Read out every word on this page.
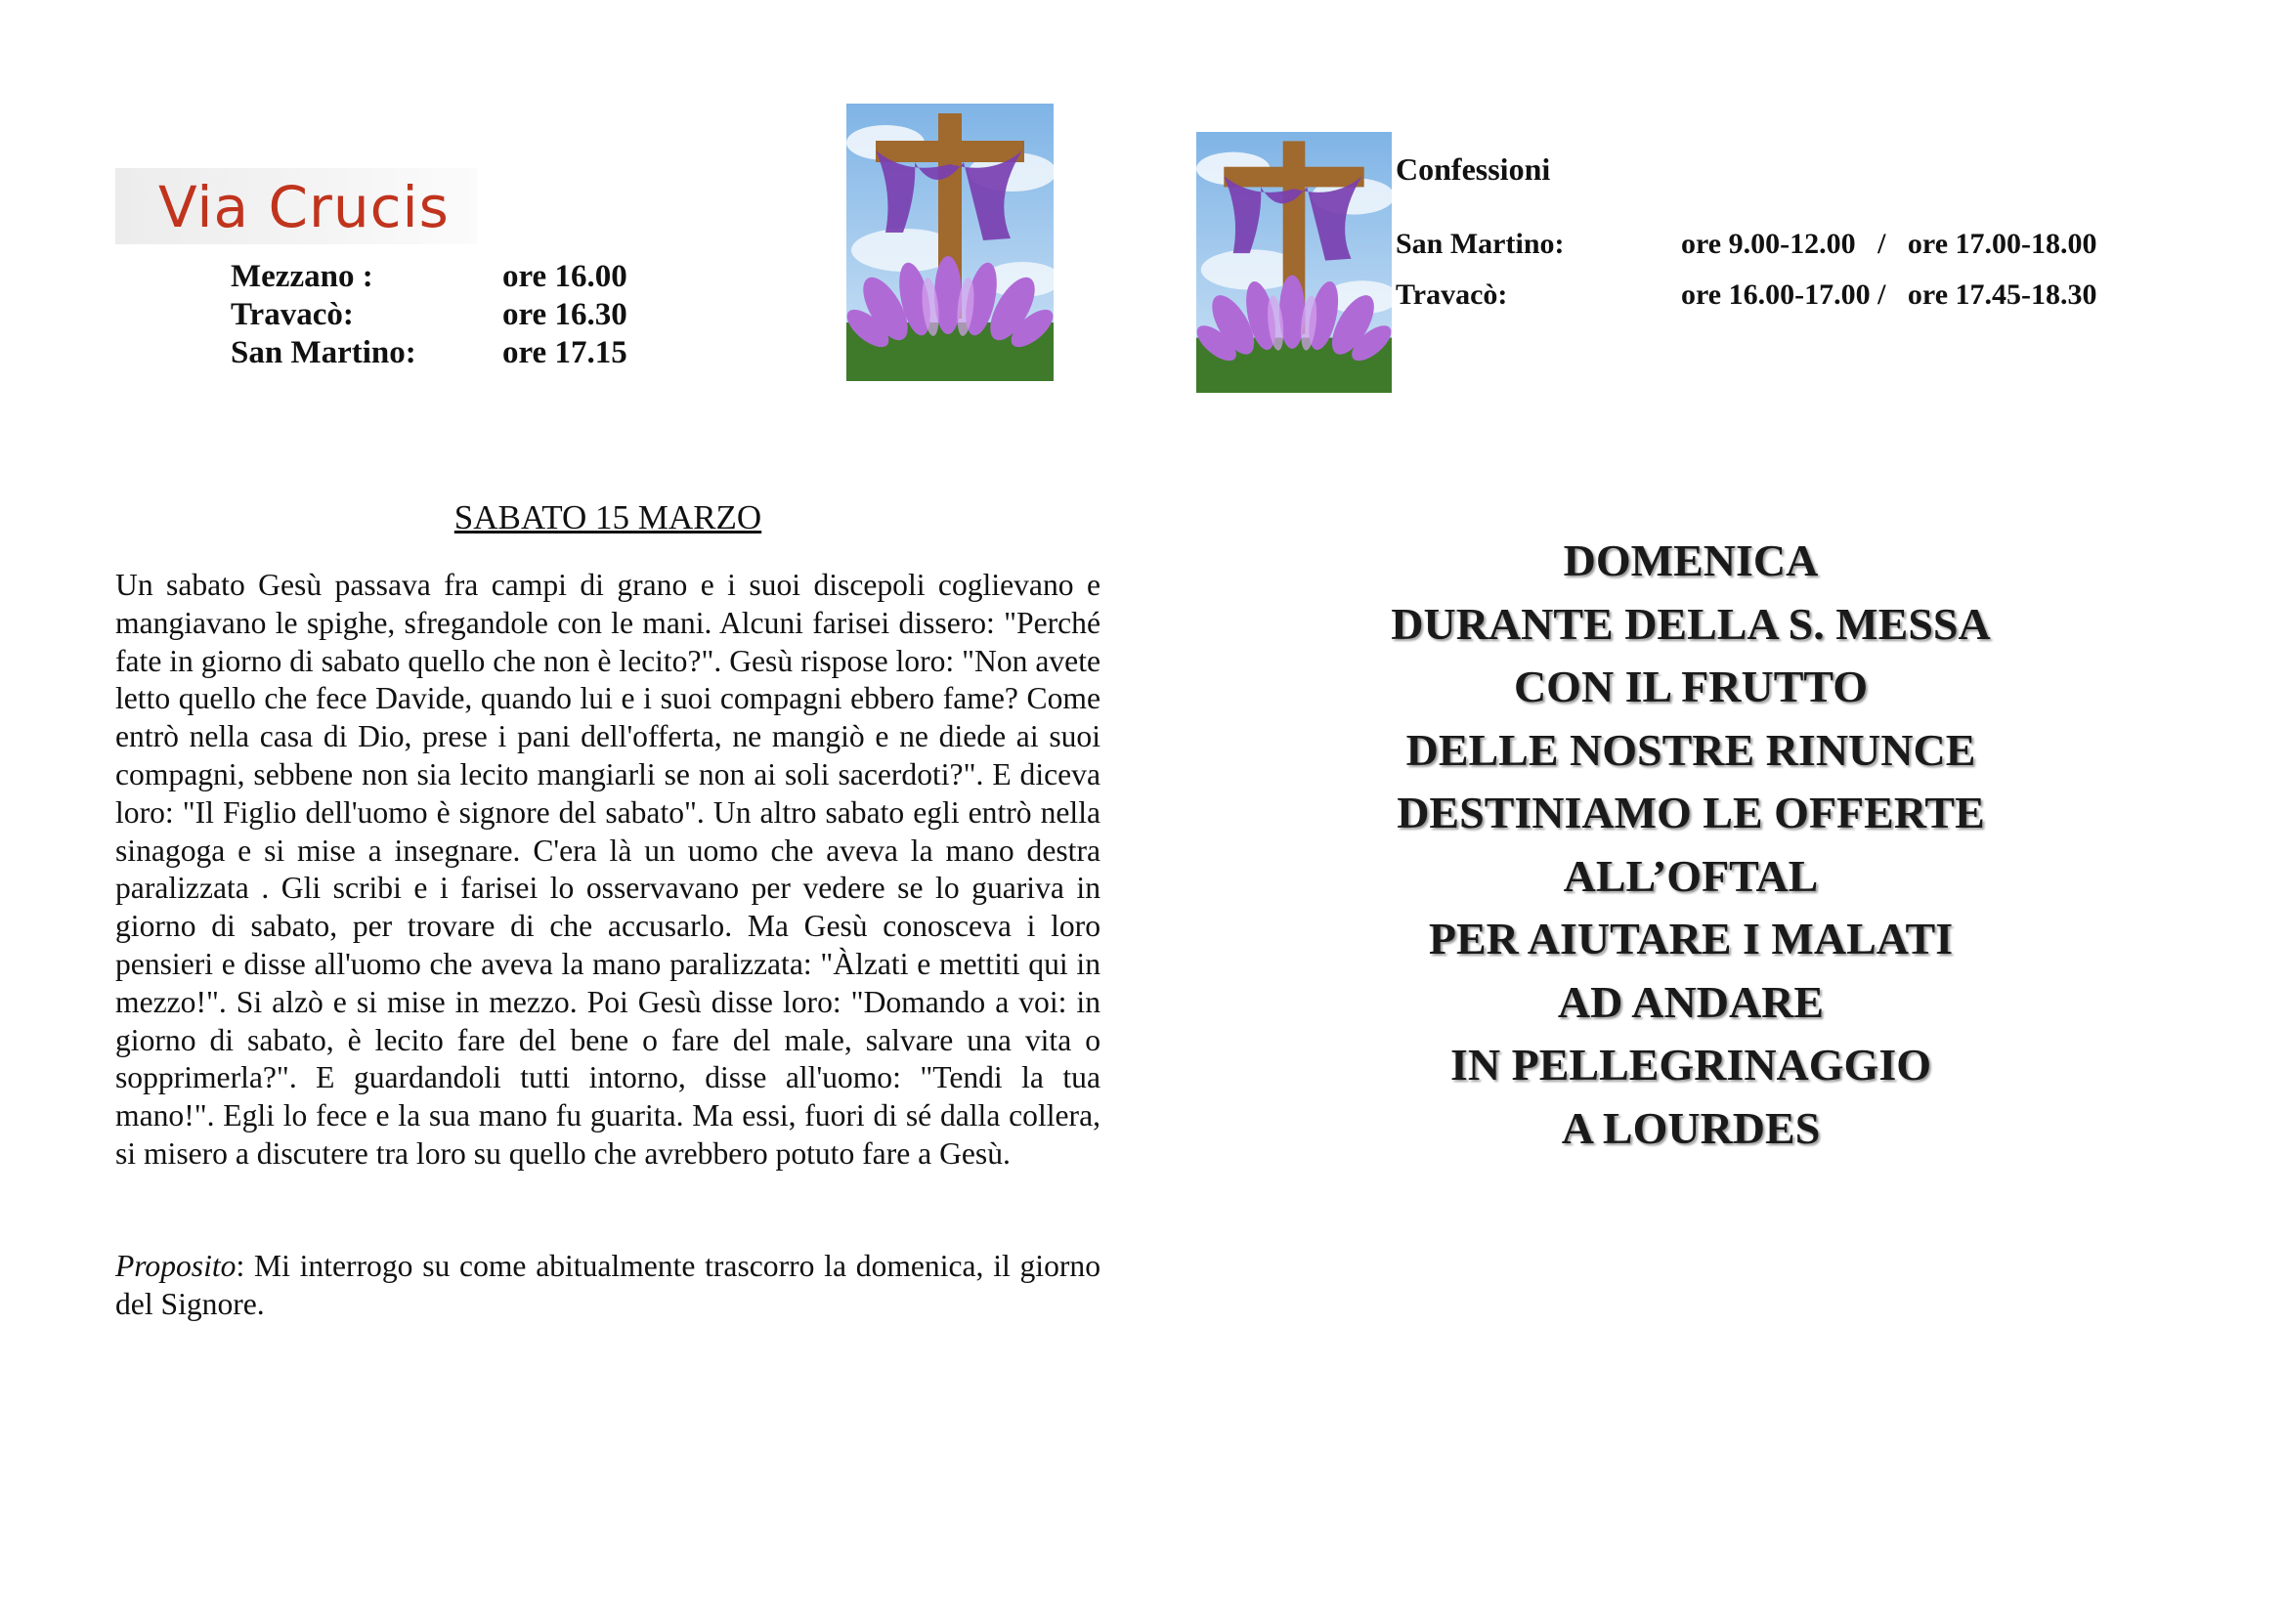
Via Crucis
Mezzano :	ore 16.00
Travacò:	ore 16.30
San Martino:	ore 17.15
Confessioni
San Martino:	ore 9.00-12.00   /   ore 17.00-18.00
Travacò:	ore 16.00-17.00 /   ore 17.45-18.30
SABATO 15 MARZO
Un sabato Gesù passava fra campi di grano e i suoi discepoli coglievano e mangiavano le spighe, sfregandole con le mani. Alcuni farisei dissero: "Perché fate in giorno di sabato quello che non è lecito?". Gesù rispose loro: "Non avete letto quello che fece Davide, quando lui e i suoi compagni ebbero fame? Come entrò nella casa di Dio, prese i pani dell'offerta, ne mangiò e ne diede ai suoi compagni, sebbene non sia lecito mangiarli se non ai soli sacerdoti?". E diceva loro: "Il Figlio dell'uomo è signore del sabato". Un altro sabato egli entrò nella sinagoga e si mise a insegnare. C'era là un uomo che aveva la mano destra paralizzata . Gli scribi e i farisei lo osservavano per vedere se lo guariva in giorno di sabato, per trovare di che accusarlo. Ma Gesù conosceva i loro pensieri e disse all'uomo che aveva la mano paralizzata: "Àlzati e mettiti qui in mezzo!". Si alzò e si mise in mezzo. Poi Gesù disse loro: "Domando a voi: in giorno di sabato, è lecito fare del bene o fare del male, salvare una vita o sopprimerla?". E guardandoli tutti intorno, disse all'uomo: "Tendi la tua mano!". Egli lo fece e la sua mano fu guarita. Ma essi, fuori di sé dalla collera, si misero a discutere tra loro su quello che avrebbero potuto fare a Gesù.
Proposito: Mi interrogo su come abitualmente trascorro la domenica, il giorno del Signore.
DOMENICA
DURANTE DELLA S. MESSA
CON IL FRUTTO
DELLE NOSTRE RINUNCE
DESTINIAMO LE OFFERTE
ALL’OFTAL
PER AIUTARE I MALATI
AD ANDARE
IN PELLEGRINAGGIO
A LOURDES
